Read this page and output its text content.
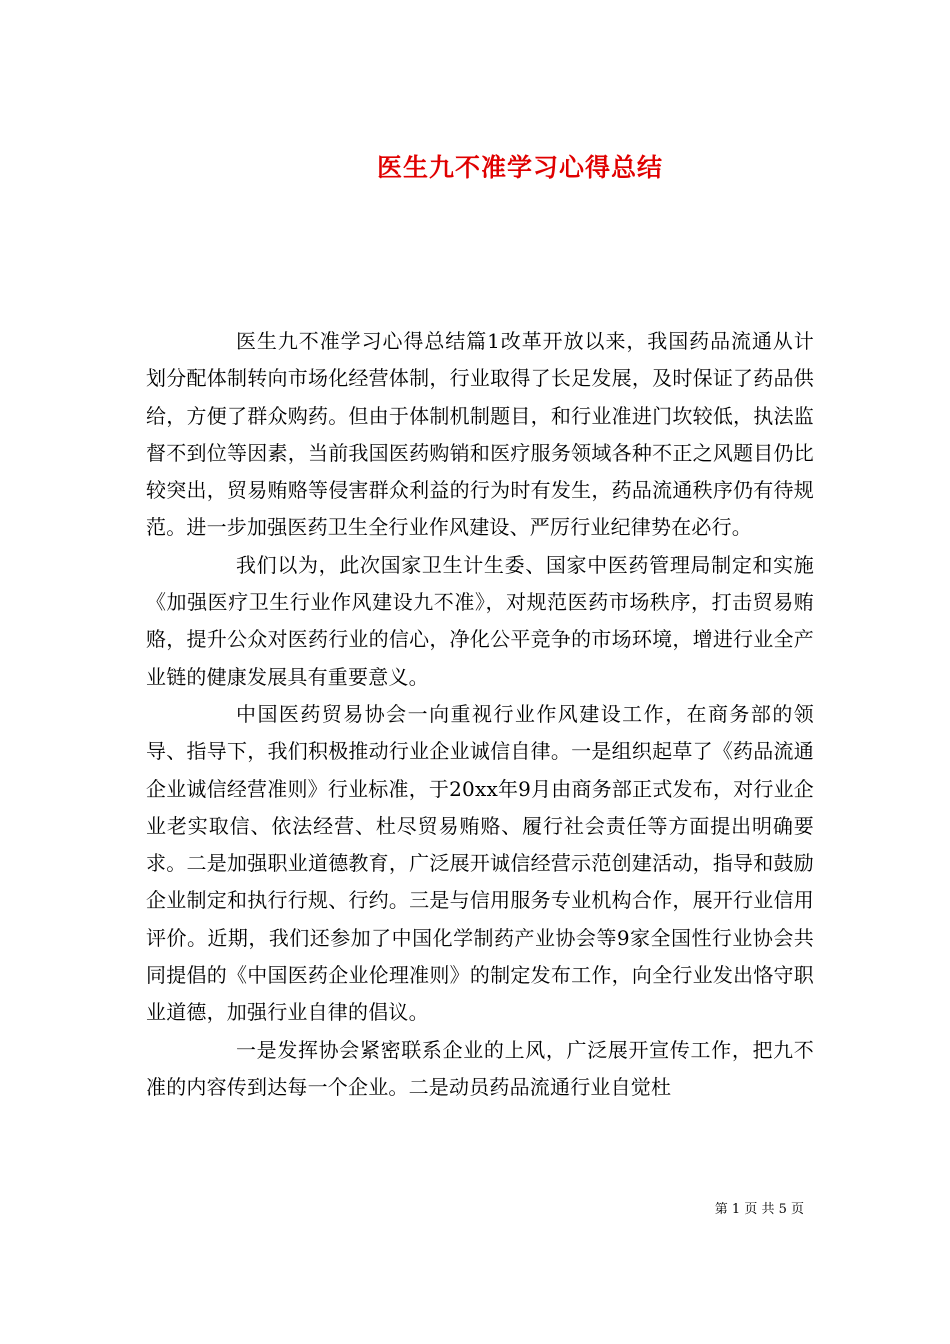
医生九不准学习心得总结

医生九不准学习心得总结篇1改革开放以来，我国药品流通从计划分配体制转向市场化经营体制，行业取得了长足发展，及时保证了药品供给，方便了群众购药。但由于体制机制题目，和行业准进门坎较低，执法监督不到位等因素，当前我国医药购销和医疗服务领域各种不正之风题目仍比较突出，贸易贿赂等侵害群众利益的行为时有发生，药品流通秩序仍有待规范。进一步加强医药卫生全行业作风建设、严厉行业纪律势在必行。

我们以为，此次国家卫生计生委、国家中医药管理局制定和实施《加强医疗卫生行业作风建设九不准》，对规范医药市场秩序，打击贸易贿赂，提升公众对医药行业的信心，净化公平竞争的市场环境，增进行业全产业链的健康发展具有重要意义。

中国医药贸易协会一向重视行业作风建设工作，在商务部的领导、指导下，我们积极推动行业企业诚信自律。一是组织起草了《药品流通企业诚信经营准则》行业标准，于20xx年9月由商务部正式发布，对行业企业老实取信、依法经营、杜尽贸易贿赂、履行社会责任等方面提出明确要求。二是加强职业道德教育，广泛展开诚信经营示范创建活动，指导和鼓励企业制定和执行行规、行约。三是与信用服务专业机构合作，展开行业信用评价。近期，我们还参加了中国化学制药产业协会等9家全国性行业协会共同提倡的《中国医药企业伦理准则》的制定发布工作，向全行业发出恪守职业道德，加强行业自律的倡议。

一是发挥协会紧密联系企业的上风，广泛展开宣传工作，把九不准的内容传到达每一个企业。二是动员药品流通行业自觉杜

第 1 页 共 5 页
